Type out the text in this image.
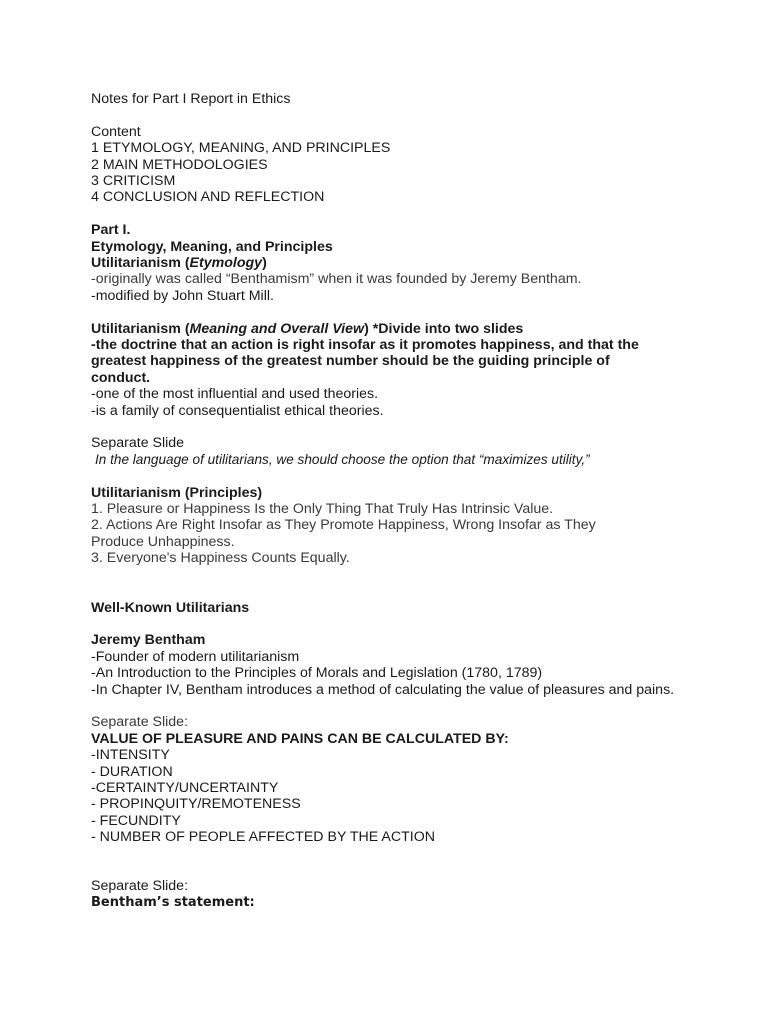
Notes for Part I Report in Ethics
Content
1 ETYMOLOGY, MEANING, AND PRINCIPLES
2 MAIN METHODOLOGIES
3 CRITICISM
4 CONCLUSION AND REFLECTION
Part I.
Etymology, Meaning, and Principles
Utilitarianism (Etymology)
-originally was called “Benthamism” when it was founded by Jeremy Bentham.
-modified by John Stuart Mill.
Utilitarianism (Meaning and Overall View) *Divide into two slides
-the doctrine that an action is right insofar as it promotes happiness, and that the greatest happiness of the greatest number should be the guiding principle of conduct.
-one of the most influential and used theories.
-is a family of consequentialist ethical theories.
Separate Slide
In the language of utilitarians, we should choose the option that “maximizes utility,”
Utilitarianism (Principles)
1. Pleasure or Happiness Is the Only Thing That Truly Has Intrinsic Value.
2. Actions Are Right Insofar as They Promote Happiness, Wrong Insofar as They Produce Unhappiness.
3. Everyone's Happiness Counts Equally.
Well-Known Utilitarians
Jeremy Bentham
-Founder of modern utilitarianism
-An Introduction to the Principles of Morals and Legislation (1780, 1789)
-In Chapter IV, Bentham introduces a method of calculating the value of pleasures and pains.
Separate Slide:
VALUE OF PLEASURE AND PAINS CAN BE CALCULATED BY:
-INTENSITY
- DURATION
-CERTAINTY/UNCERTAINTY
- PROPINQUITY/REMOTENESS
- FECUNDITY
- NUMBER OF PEOPLE AFFECTED BY THE ACTION
Separate Slide:
Bentham’s statement:
